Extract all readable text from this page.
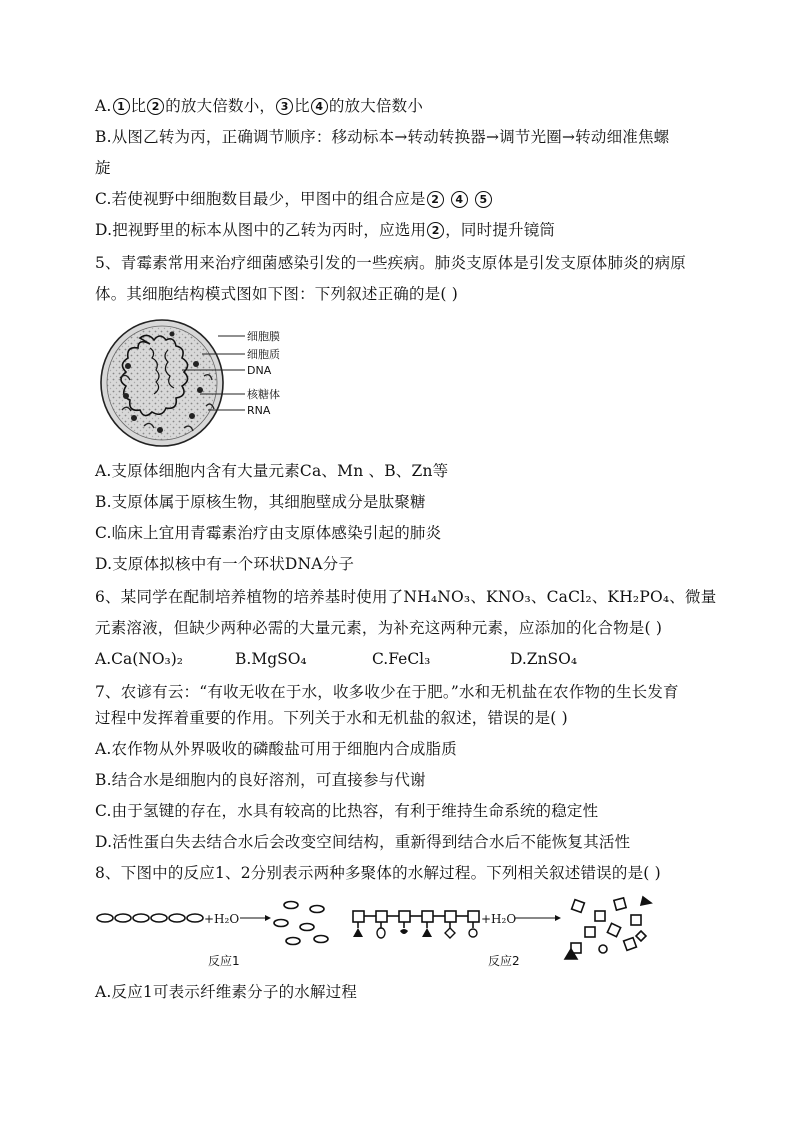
A. 1 比 2 的放大倍数小， 3 比 4 的放大倍数小
B.从图乙转为丙，正确调节顺序：移动标本→转动转换器→调节光圈→转动细准焦螺
旋
C.若使视野中细胞数目最少，甲图中的组合应是 2 4 5
D.把视野里的标本从图中的乙转为丙时，应选用 2 ，同时提升镜筒
5、青霉素常用来治疗细菌感染引发的一些疾病。肺炎支原体是引发支原体肺炎的病原
体。其细胞结构模式图如下图：下列叙述正确的是( )
细胞膜
细胞质
DNA
核糖体
RNA
A.支原体细胞内含有大量元素Ca、Mn 、B、Zn等
B.支原体属于原核生物，其细胞壁成分是肽聚糖
C.临床上宜用青霉素治疗由支原体感染引起的肺炎
D.支原体拟核中有一个环状DNA分子
6、某同学在配制培养植物的培养基时使用了NH₄NO₃、KNO₃、CaCl₂、KH₂PO₄、微量
元素溶液，但缺少两种必需的大量元素，为补充这两种元素，应添加的化合物是( )
A.Ca(NO₃)₂	B.MgSO₄	C.FeCl₃	D.ZnSO₄
7、农谚有云：“有收无收在于水，收多收少在于肥。”水和无机盐在农作物的生长发育
过程中发挥着重要的作用。下列关于水和无机盐的叙述，错误的是( )
A.农作物从外界吸收的磷酸盐可用于细胞内合成脂质
B.结合水是细胞内的良好溶剂，可直接参与代谢
C.由于氢键的存在，水具有较高的比热容，有利于维持生命系统的稳定性
D.活性蛋白失去结合水后会改变空间结构，重新得到结合水后不能恢复其活性
8、下图中的反应1、2分别表示两种多聚体的水解过程。下列相关叙述错误的是( )
+H₂O
反应1
+H₂O
反应2
A.反应1可表示纤维素分子的水解过程
